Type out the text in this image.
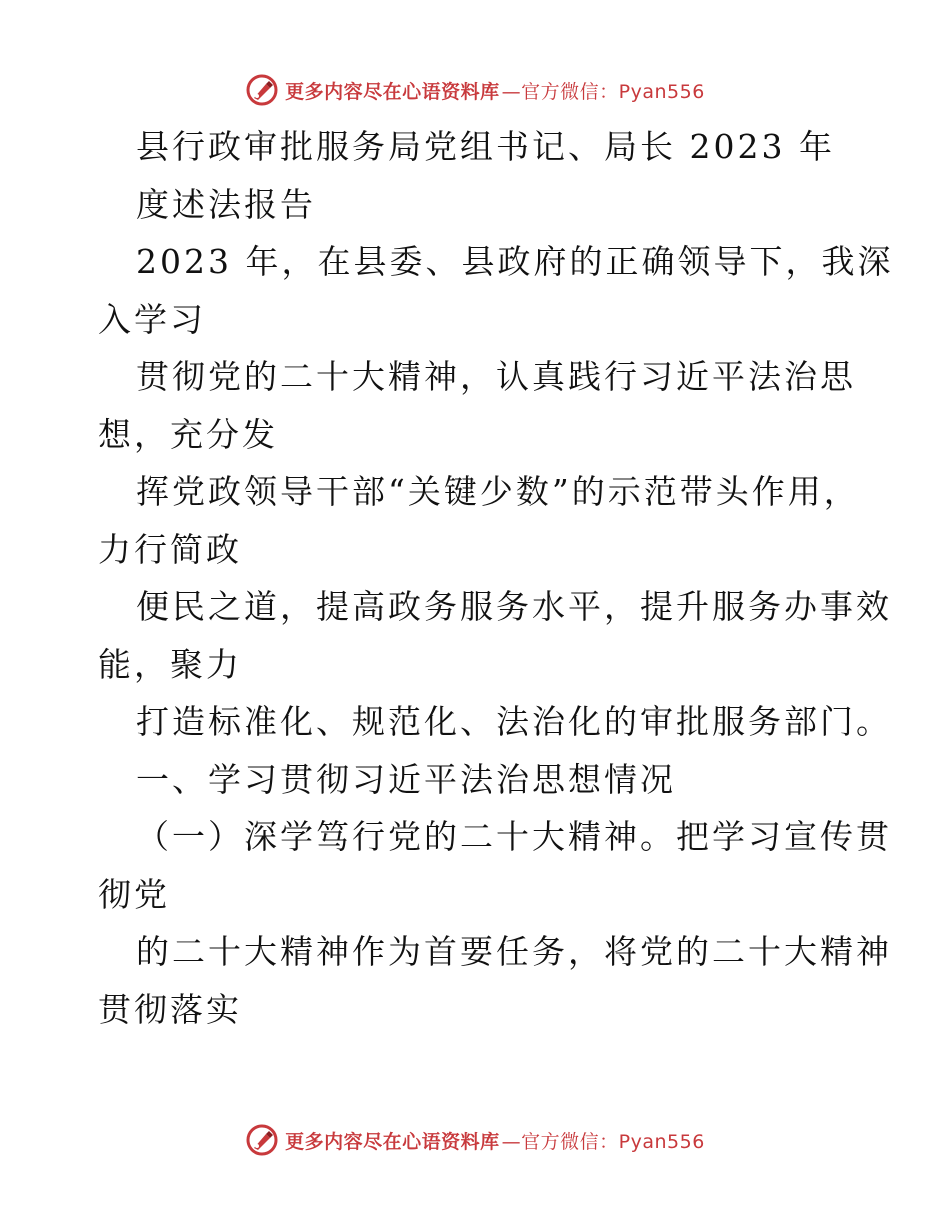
更多内容尽在心语资料库 —官方微信：Pyan556
县行政审批服务局党组书记、局长 2023 年
度述法报告
2023 年，在县委、县政府的正确领导下，我深
入学习
贯彻党的二十大精神，认真践行习近平法治思
想，充分发
挥党政领导干部“关键少数”的示范带头作用，
力行简政
便民之道，提高政务服务水平，提升服务办事效
能，聚力
打造标准化、规范化、法治化的审批服务部门。
一、学习贯彻习近平法治思想情况
（一）深学笃行党的二十大精神。把学习宣传贯
彻党
的二十大精神作为首要任务，将党的二十大精神
贯彻落实
更多内容尽在心语资料库 —官方微信：Pyan556
